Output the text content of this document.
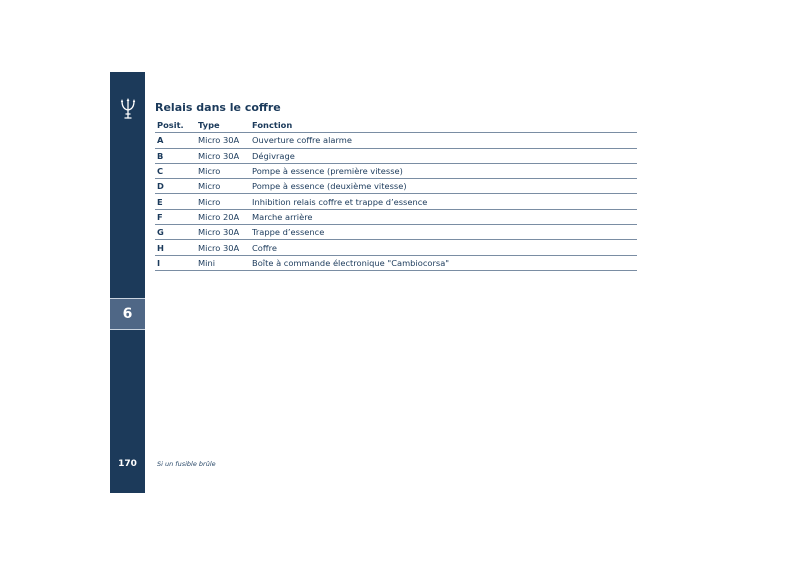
6
170
Relais dans le coffre
Posit.	Type	Fonction
A	Micro 30A	Ouverture coffre alarme
B	Micro 30A	Dégivrage
C	Micro	Pompe à essence (première vitesse)
D	Micro	Pompe à essence (deuxième vitesse)
E	Micro	Inhibition relais coffre et trappe d’essence
F	Micro 20A	Marche arrière
G	Micro 30A	Trappe d’essence
H	Micro 30A	Coffre
I	Mini	Boîte à commande électronique "Cambiocorsa"
Si un fusible brûle
